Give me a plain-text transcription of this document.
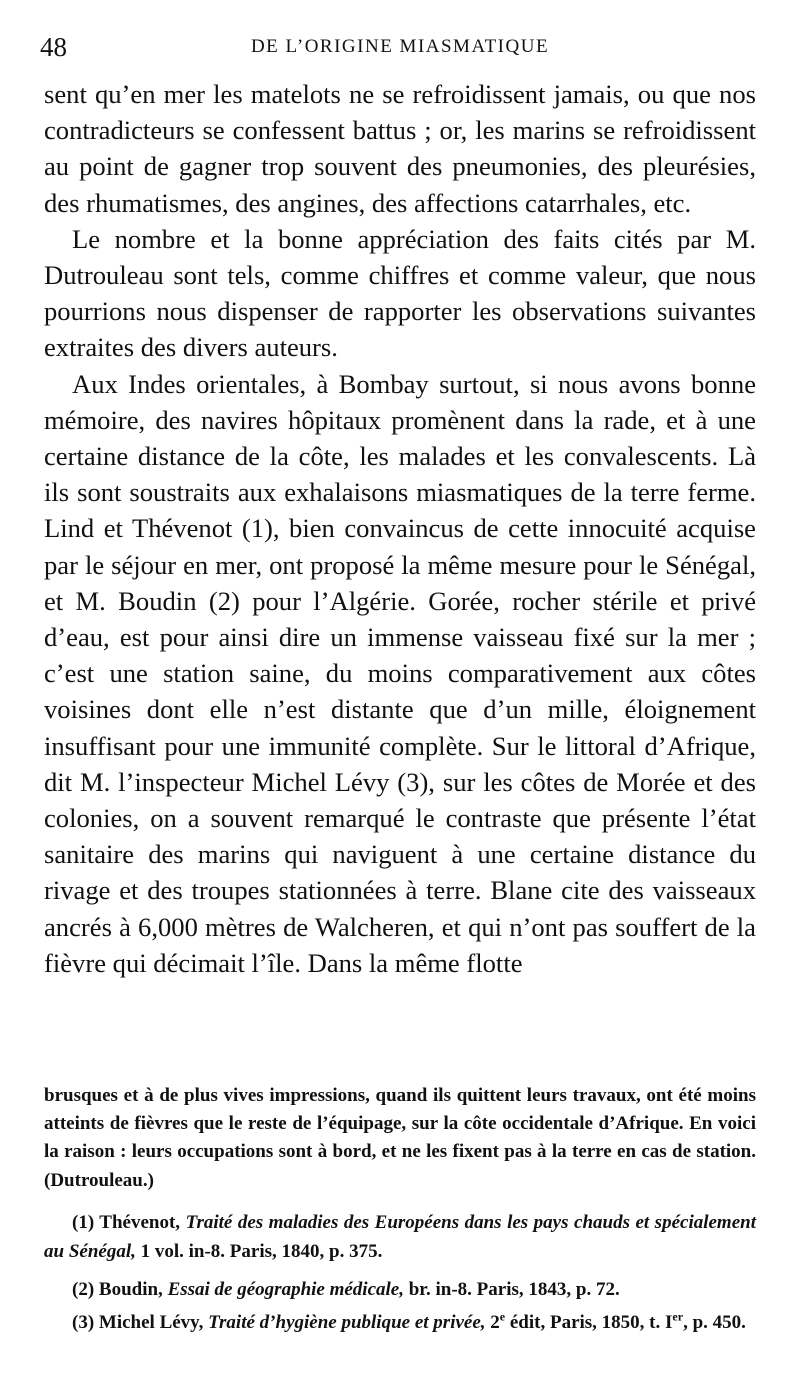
48	DE L’ORIGINE MIASMATIQUE

sent qu’en mer les matelots ne se refroidissent jamais, ou que nos contradicteurs se confessent battus ; or, les marins se refroidissent au point de gagner trop souvent des pneumonies, des pleurésies, des rhumatismes, des angines, des affections catarrhales, etc.

Le nombre et la bonne appréciation des faits cités par M. Dutrouleau sont tels, comme chiffres et comme valeur, que nous pourrions nous dispenser de rapporter les observations suivantes extraites des divers auteurs.

Aux Indes orientales, à Bombay surtout, si nous avons bonne mémoire, des navires hôpitaux promènent dans la rade, et à une certaine distance de la côte, les malades et les convalescents. Là ils sont soustraits aux exhalaisons miasmatiques de la terre ferme. Lind et Thévenot (1), bien convaincus de cette innocuité acquise par le séjour en mer, ont proposé la même mesure pour le Sénégal, et M. Boudin (2) pour l’Algérie. Gorée, rocher stérile et privé d’eau, est pour ainsi dire un immense vaisseau fixé sur la mer ; c’est une station saine, du moins comparativement aux côtes voisines dont elle n’est distante que d’un mille, éloignement insuffisant pour une immunité complète. Sur le littoral d’Afrique, dit M. l’inspecteur Michel Lévy (3), sur les côtes de Morée et des colonies, on a souvent remarqué le contraste que présente l’état sanitaire des marins qui naviguent à une certaine distance du rivage et des troupes stationnées à terre. Blane cite des vaisseaux ancrés à 6,000 mètres de Walcheren, et qui n’ont pas souffert de la fièvre qui décimait l’île. Dans la même flotte

brusques et à de plus vives impressions, quand ils quittent leurs travaux, ont été moins atteints de fièvres que le reste de l’équipage, sur la côte occidentale d’Afrique. En voici la raison : leurs occupations sont à bord, et ne les fixent pas à la terre en cas de station. (Dutrouleau.)

(1) Thévenot, Traité des maladies des Européens dans les pays chauds et spécialement au Sénégal, 1 vol. in-8. Paris, 1840, p. 375.

(2) Boudin, Essai de géographie médicale, br. in-8. Paris, 1843, p. 72.

(3) Michel Lévy, Traité d’hygiène publique et privée, 2e édit, Paris, 1850, t. Ier, p. 450.
